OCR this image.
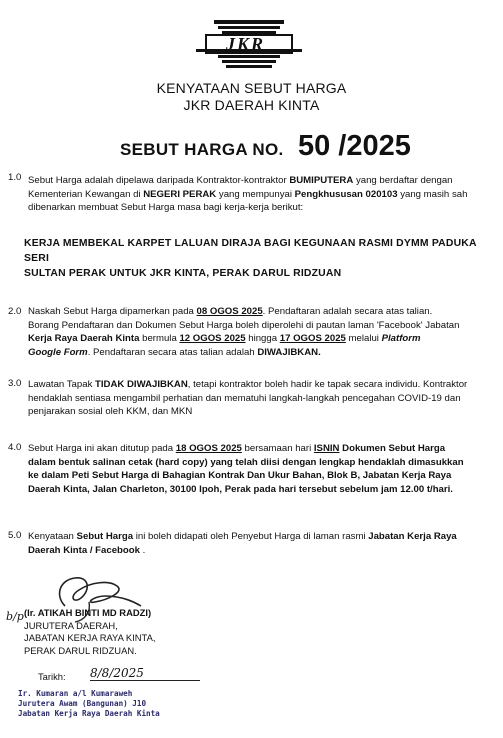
JKR
KENYATAAN SEBUT HARGA
JKR DAERAH KINTA
SEBUT HARGA NO. 50 /2025
1.0 Sebut Harga adalah dipelawa daripada Kontraktor-kontraktor BUMIPUTERA yang berdaftar dengan
Kementerian Kewangan di NEGERI PERAK yang mempunyai Pengkhususan 020103 yang masih sah
dibenarkan membuat Sebut Harga masa bagi kerja-kerja berikut:
KERJA MEMBEKAL KARPET LALUAN DIRAJA BAGI KEGUNAAN RASMI DYMM PADUKA SERI
SULTAN PERAK UNTUK JKR KINTA, PERAK DARUL RIDZUAN
2.0 Naskah Sebut Harga dipamerkan pada 08 OGOS 2025. Pendaftaran adalah secara atas talian.
Borang Pendaftaran dan Dokumen Sebut Harga boleh diperolehi di pautan laman 'Facebook' Jabatan
Kerja Raya Daerah Kinta bermula 12 OGOS 2025 hingga 17 OGOS 2025 melalui Platform
Google Form. Pendaftaran secara atas talian adalah DIWAJIBKAN.
3.0 Lawatan Tapak TIDAK DIWAJIBKAN, tetapi kontraktor boleh hadir ke tapak secara individu. Kontraktor
hendaklah sentiasa mengambil perhatian dan mematuhi langkah-langkah pencegahan COVID-19 dan
penjarakan sosial oleh KKM, dan MKN
4.0 Sebut Harga ini akan ditutup pada 18 OGOS 2025 bersamaan hari ISNIN Dokumen Sebut Harga
dalam bentuk salinan cetak (hard copy) yang telah diisi dengan lengkap hendaklah dimasukkan
ke dalam Peti Sebut Harga di Bahagian Kontrak Dan Ukur Bahan, Blok B, Jabatan Kerja Raya
Daerah Kinta, Jalan Charleton, 30100 Ipoh, Perak pada hari tersebut sebelum jam 12.00 t/hari.
5.0 Kenyataan Sebut Harga ini boleh didapati oleh Penyebut Harga di laman rasmi Jabatan Kerja Raya
Daerah Kinta / Facebook .
b/p (Ir. ATIKAH BINTI MD RADZI)
JURUTERA DAERAH,
JABATAN KERJA RAYA KINTA,
PERAK DARUL RIDZUAN.
Tarikh: 8/8/2025
Ir. Kumaran a/l Kumaraweh
Jurutera Awam (Bangunan) J10
Jabatan Kerja Raya Daerah Kinta
